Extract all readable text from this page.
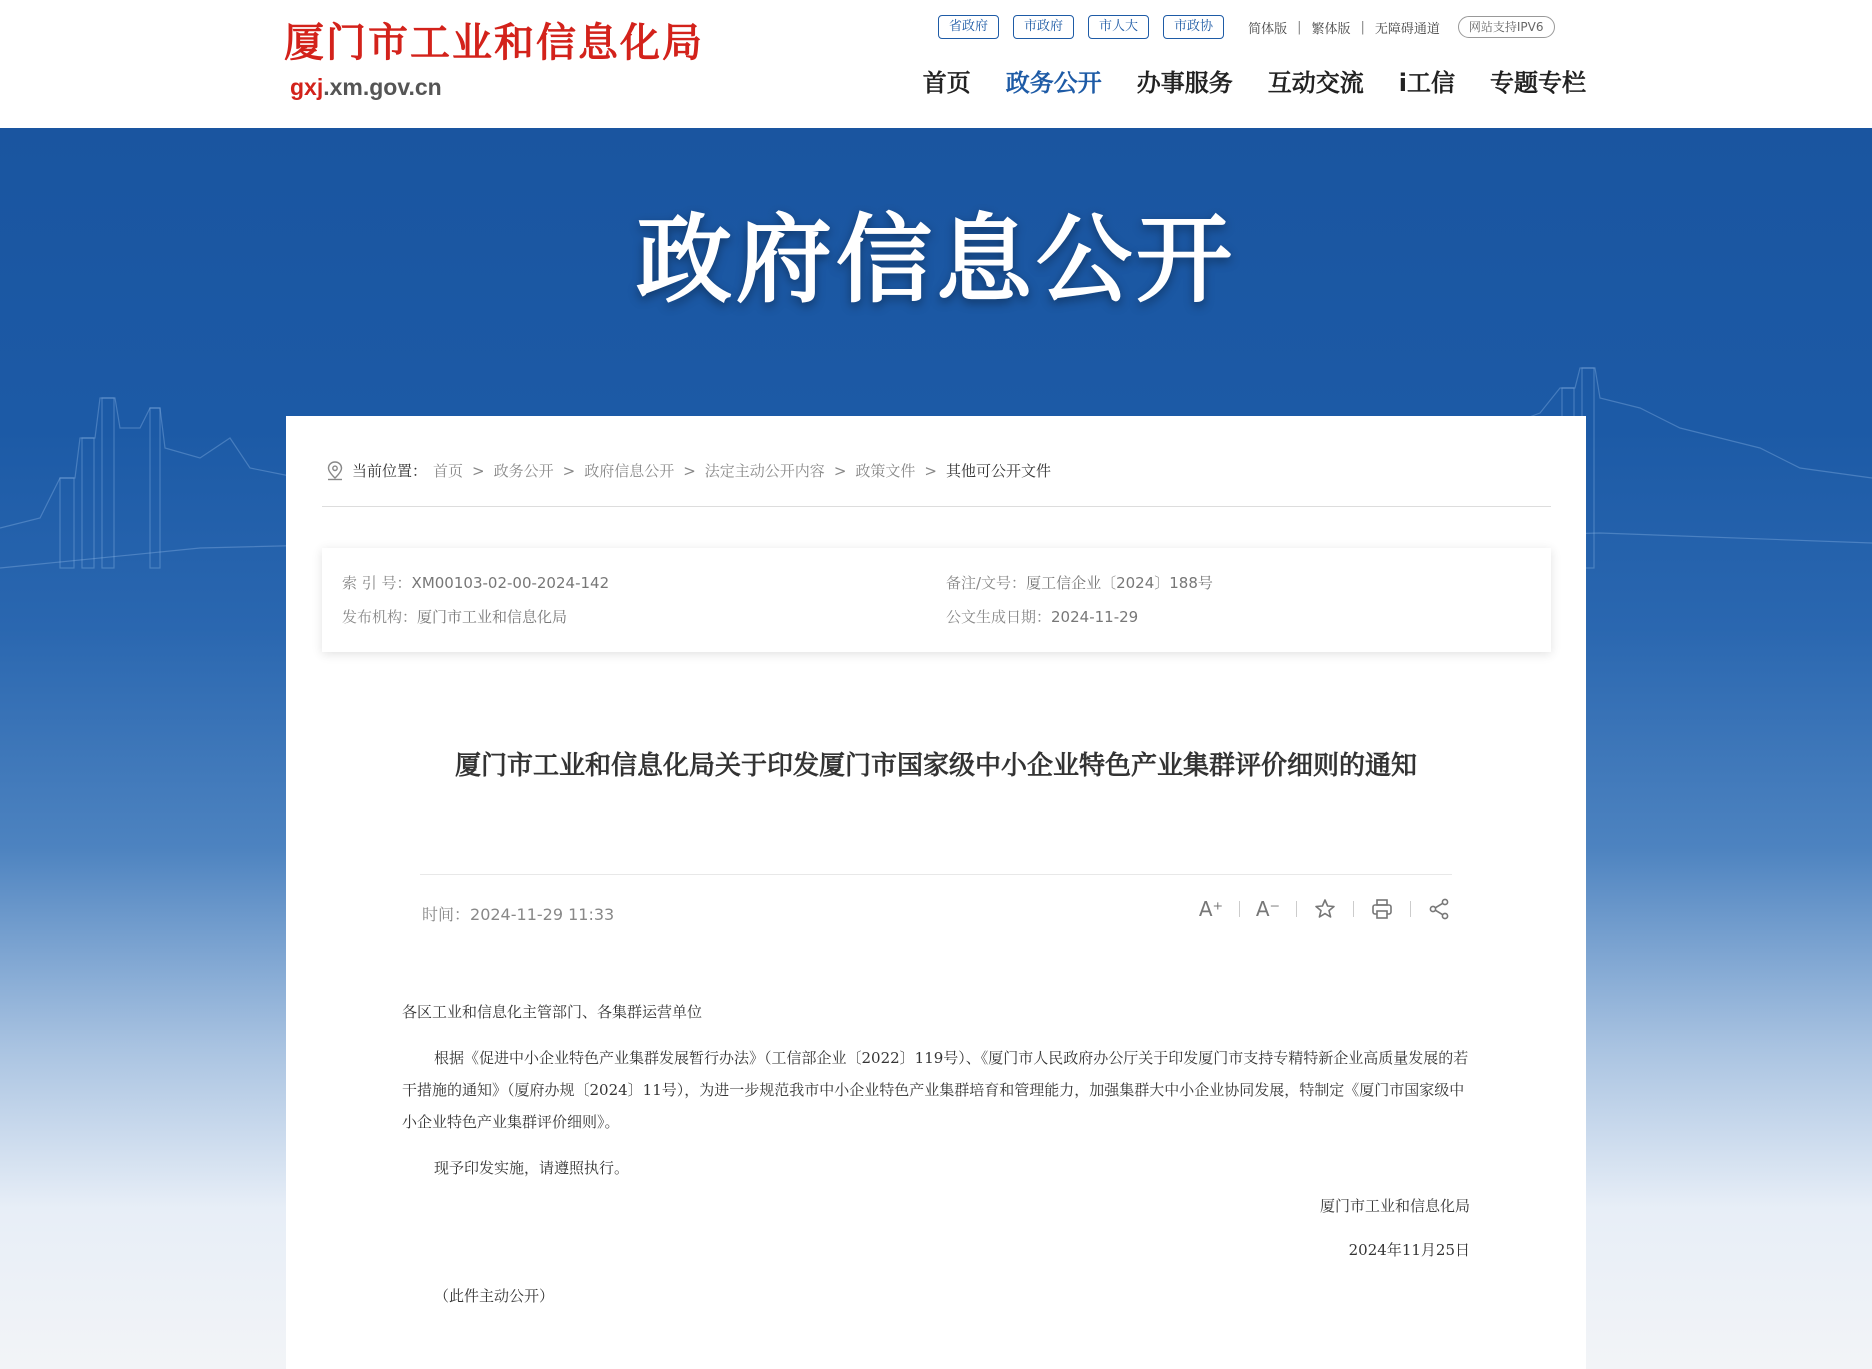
厦门市工业和信息化局
gxj.xm.gov.cn
省政府	市政府	市人大	市政协	简体版 | 繁体版 | 无障碍通道	网站支持IPV6
首页 政务公开 办事服务 互动交流 i工信 专题专栏
政府信息公开
当前位置： 首页 > 政务公开 > 政府信息公开 > 法定主动公开内容 > 政策文件 > 其他可公开文件
索 引 号：XM00103-02-00-2024-142	备注/文号：厦工信企业〔2024〕188号
发布机构：厦门市工业和信息化局	公文生成日期：2024-11-29
厦门市工业和信息化局关于印发厦门市国家级中小企业特色产业集群评价细则的通知
时间：2024-11-29 11:33	A⁺ A⁻
各区工业和信息化主管部门、各集群运营单位
根据《促进中小企业特色产业集群发展暂行办法》（工信部企业〔2022〕119号）、《厦门市人民政府办公厅关于印发厦门市支持专精特新企业高质量发展的若干措施的通知》（厦府办规〔2024〕11号），为进一步规范我市中小企业特色产业集群培育和管理能力，加强集群大中小企业协同发展，特制定《厦门市国家级中小企业特色产业集群评价细则》。
现予印发实施，请遵照执行。
厦门市工业和信息化局
2024年11月25日
（此件主动公开）
